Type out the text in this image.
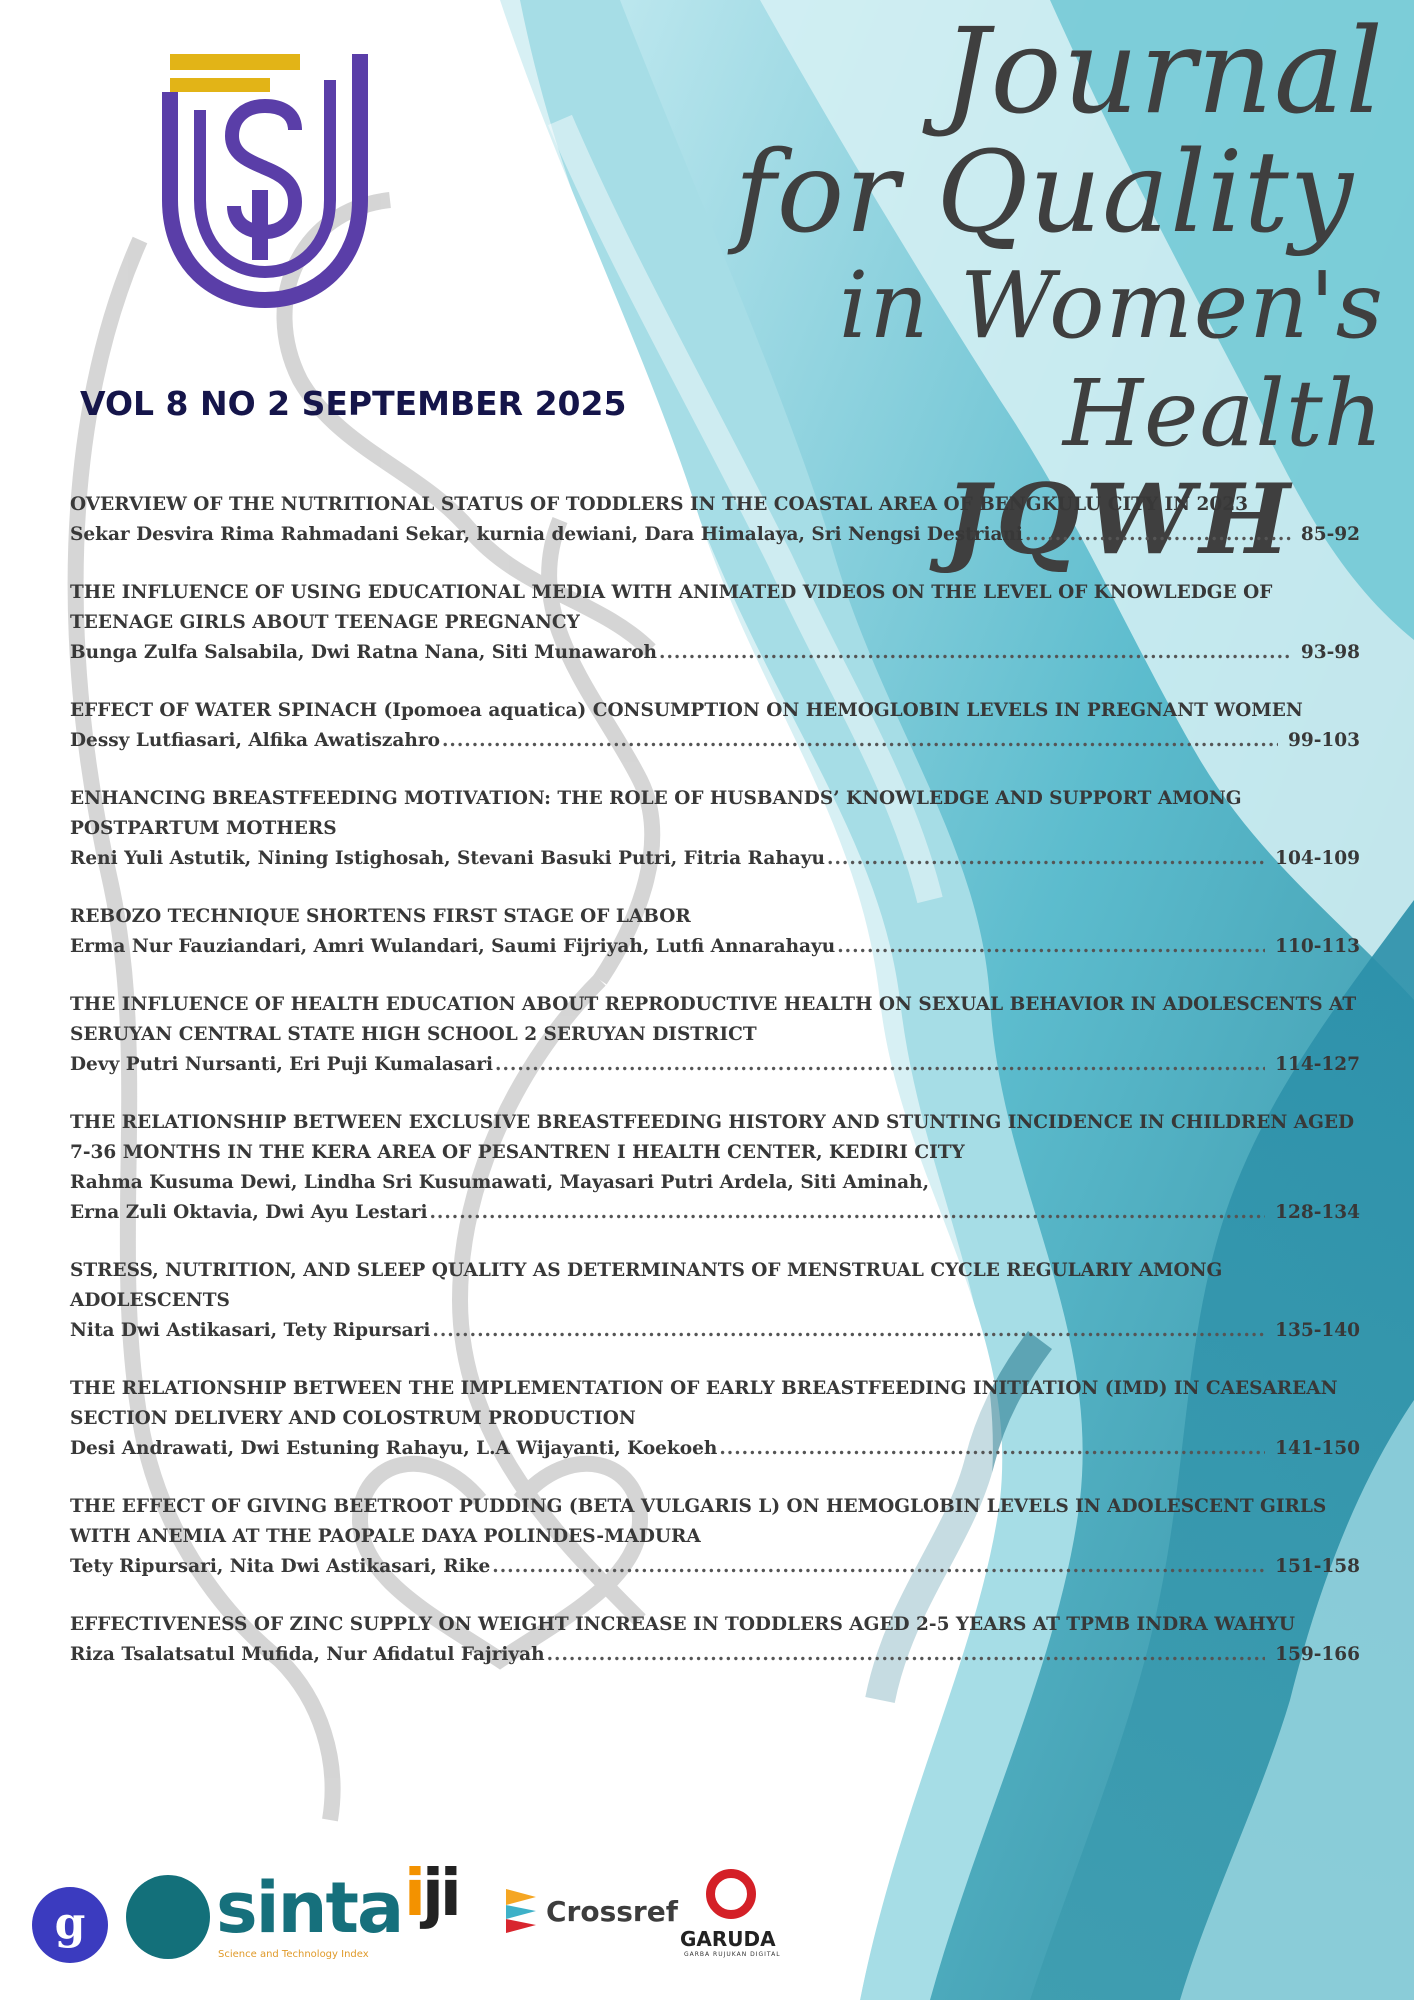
Journal
for Quality
in Women's Health
JQWH
VOL 8 NO 2 SEPTEMBER 2025
OVERVIEW OF THE NUTRITIONAL STATUS OF TODDLERS IN THE COASTAL AREA OF BENGKULU CITY IN 2023
Sekar Desvira Rima Rahmadani Sekar, kurnia dewiani, Dara Himalaya, Sri Nengsi Destriani .....	85-92
THE INFLUENCE OF USING EDUCATIONAL MEDIA WITH ANIMATED VIDEOS ON THE LEVEL OF KNOWLEDGE OF TEENAGE GIRLS ABOUT TEENAGE PREGNANCY
Bunga Zulfa Salsabila, Dwi Ratna Nana, Siti Munawaroh .....	93-98
EFFECT OF WATER SPINACH (Ipomoea aquatica) CONSUMPTION ON HEMOGLOBIN LEVELS IN PREGNANT WOMEN
Dessy Lutfiasari, Alfika Awatiszahro .....	99-103
ENHANCING BREASTFEEDING MOTIVATION: THE ROLE OF HUSBANDS’ KNOWLEDGE AND SUPPORT AMONG POSTPARTUM MOTHERS
Reni Yuli Astutik, Nining Istighosah, Stevani Basuki Putri, Fitria Rahayu .....	104-109
REBOZO TECHNIQUE SHORTENS FIRST STAGE OF LABOR
Erma Nur Fauziandari, Amri Wulandari, Saumi Fijriyah, Lutfi Annarahayu .....	110-113
THE INFLUENCE OF HEALTH EDUCATION ABOUT REPRODUCTIVE HEALTH ON SEXUAL BEHAVIOR IN ADOLESCENTS AT SERUYAN CENTRAL STATE HIGH SCHOOL 2 SERUYAN DISTRICT
Devy Putri Nursanti, Eri Puji Kumalasari .....	114-127
THE RELATIONSHIP BETWEEN EXCLUSIVE BREASTFEEDING HISTORY AND STUNTING INCIDENCE IN CHILDREN AGED 7-36 MONTHS IN THE KERA AREA OF PESANTREN I HEALTH CENTER, KEDIRI CITY
Rahma Kusuma Dewi, Lindha Sri Kusumawati, Mayasari Putri Ardela, Siti Aminah,
Erna Zuli Oktavia, Dwi Ayu Lestari .....	128-134
STRESS, NUTRITION, AND SLEEP QUALITY AS DETERMINANTS OF MENSTRUAL CYCLE REGULARIY AMONG ADOLESCENTS
Nita Dwi Astikasari, Tety Ripursari .....	135-140
THE RELATIONSHIP BETWEEN THE IMPLEMENTATION OF EARLY BREASTFEEDING INITIATION (IMD) IN CAESAREAN SECTION DELIVERY AND COLOSTRUM PRODUCTION
Desi Andrawati, Dwi Estuning Rahayu, L.A Wijayanti, Koekoeh .....	141-150
THE EFFECT OF GIVING BEETROOT PUDDING (BETA VULGARIS L) ON HEMOGLOBIN LEVELS IN ADOLESCENT GIRLS WITH ANEMIA AT THE PAOPALE DAYA POLINDES-MADURA
Tety Ripursari, Nita Dwi Astikasari, Rike .....	151-158
EFFECTIVENESS OF ZINC SUPPLY ON WEIGHT INCREASE IN TODDLERS AGED 2-5 YEARS AT TPMB INDRA WAHYU
Riza Tsalatsatul Mufida, Nur Afidatul Fajriyah .....	159-166
g	sinta
Science and Technology Index
iji	Crossref
GARUDA
GARBA RUJUKAN DIGITAL
